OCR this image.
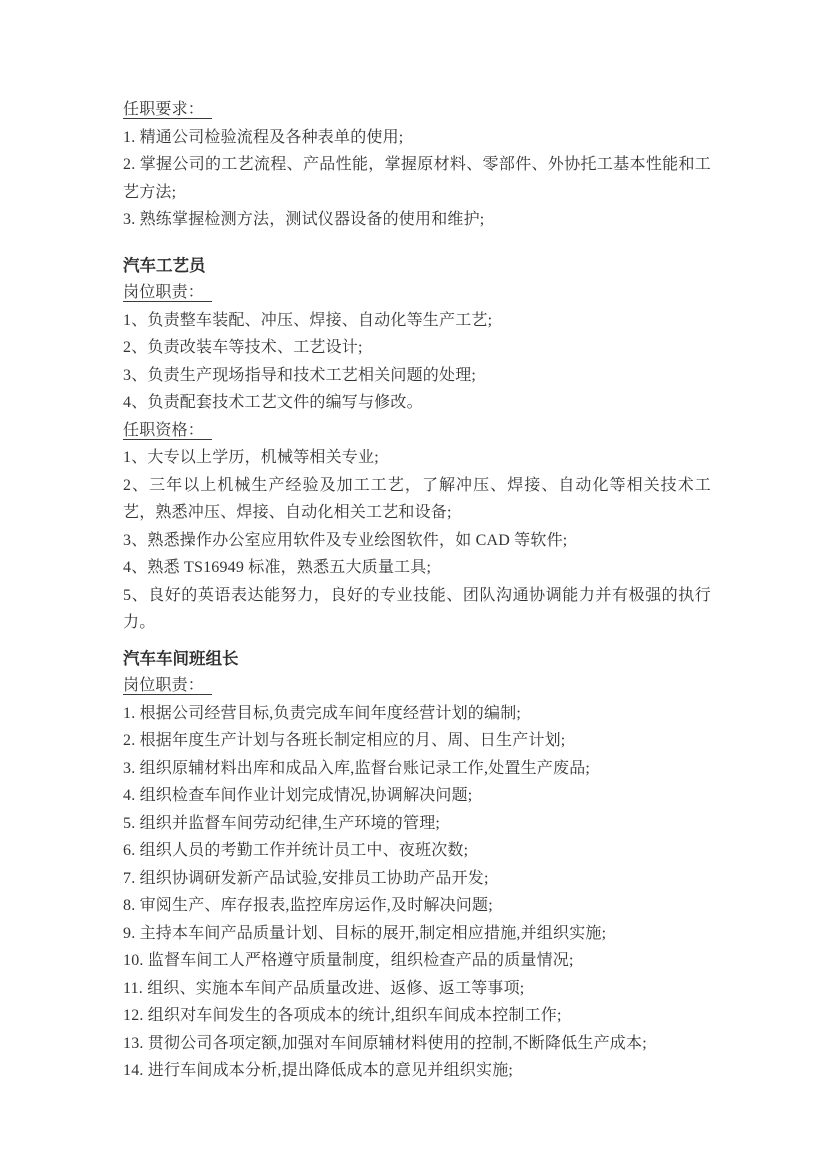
任职要求：

1. 精通公司检验流程及各种表单的使用;

2. 掌握公司的工艺流程、产品性能，掌握原材料、零部件、外协托工基本性能和工艺方法;

3. 熟练掌握检测方法，测试仪器设备的使用和维护;

汽车工艺员

岗位职责：

1、负责整车装配、冲压、焊接、自动化等生产工艺;

2、负责改装车等技术、工艺设计;

3、负责生产现场指导和技术工艺相关问题的处理;

4、负责配套技术工艺文件的编写与修改。

任职资格：

1、大专以上学历，机械等相关专业;

2、三年以上机械生产经验及加工工艺，了解冲压、焊接、自动化等相关技术工艺，熟悉冲压、焊接、自动化相关工艺和设备;

3、熟悉操作办公室应用软件及专业绘图软件，如 CAD 等软件;

4、熟悉 TS16949 标准，熟悉五大质量工具;

5、良好的英语表达能努力，良好的专业技能、团队沟通协调能力并有极强的执行力。

汽车车间班组长

岗位职责：

1. 根据公司经营目标,负责完成车间年度经营计划的编制;

2. 根据年度生产计划与各班长制定相应的月、周、日生产计划;

3. 组织原辅材料出库和成品入库,监督台账记录工作,处置生产废品;

4. 组织检查车间作业计划完成情况,协调解决问题;

5. 组织并监督车间劳动纪律,生产环境的管理;

6. 组织人员的考勤工作并统计员工中、夜班次数;

7. 组织协调研发新产品试验,安排员工协助产品开发;

8. 审阅生产、库存报表,监控库房运作,及时解决问题;

9. 主持本车间产品质量计划、目标的展开,制定相应措施,并组织实施;

10. 监督车间工人严格遵守质量制度，组织检查产品的质量情况;

11. 组织、实施本车间产品质量改进、返修、返工等事项;

12. 组织对车间发生的各项成本的统计,组织车间成本控制工作;

13. 贯彻公司各项定额,加强对车间原辅材料使用的控制,不断降低生产成本;

14. 进行车间成本分析,提出降低成本的意见并组织实施;
